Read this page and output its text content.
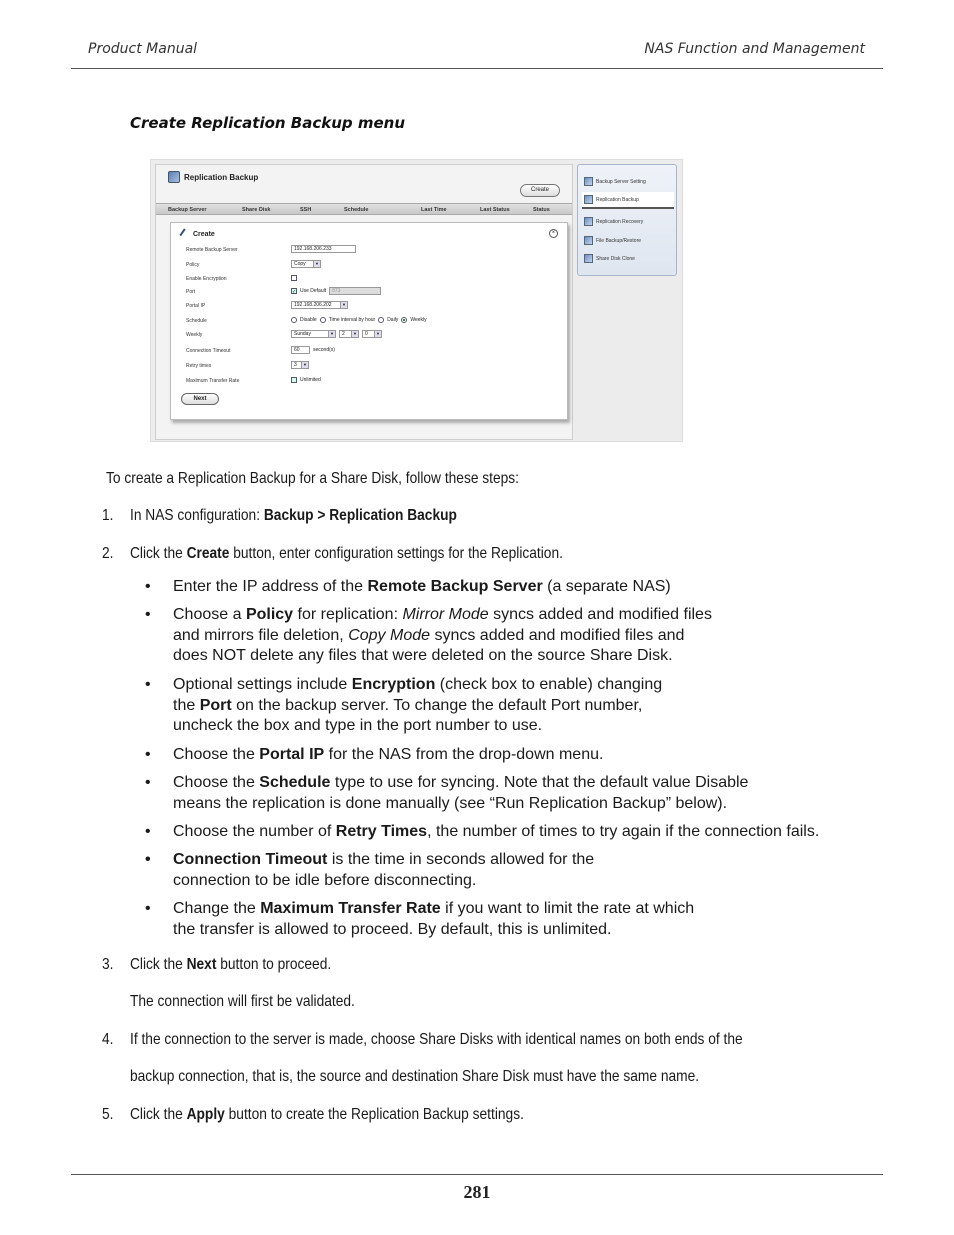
Product Manual	NAS Function and Management
Create Replication Backup menu
Replication Backup
Create
Backup Server	Share Disk	SSH	Schedule	Last Time	Last Status	Status
Create	×
Remote Backup Server	192.168.206.233
Policy	Copy	▼
Enable Encryption
Port	✓ Use Default	873
Portal IP	192.168.206.202	▼
Schedule	Disable Time interval by hour Daily Weekly
Weekly	Sunday	▼ 2	▼ 0	▼
Connection Timeout	60	second(s)
Retry times	3	▼
Maximum Transfer Rate	Unlimited
Next
Backup Server Setting
Replication Backup
Replication Recovery
File Backup/Restore
Share Disk Clone
To create a Replication Backup for a Share Disk, follow these steps:
1. In NAS configuration: Backup > Replication Backup
2. Click the Create button, enter configuration settings for the Replication.
• Enter the IP address of the Remote Backup Server (a separate NAS)
• Choose a Policy for replication: Mirror Mode syncs added and modified files
and mirrors file deletion, Copy Mode syncs added and modified files and
does NOT delete any files that were deleted on the source Share Disk.
• Optional settings include Encryption (check box to enable) changing
the Port on the backup server. To change the default Port number,
uncheck the box and type in the port number to use.
• Choose the Portal IP for the NAS from the drop-down menu.
• Choose the Schedule type to use for syncing. Note that the default value Disable
means the replication is done manually (see “Run Replication Backup” below).
• Choose the number of Retry Times, the number of times to try again if the connection fails.
• Connection Timeout is the time in seconds allowed for the
connection to be idle before disconnecting.
• Change the Maximum Transfer Rate if you want to limit the rate at which
the transfer is allowed to proceed. By default, this is unlimited.
3. Click the Next button to proceed.
The connection will first be validated.
4. If the connection to the server is made, choose Share Disks with identical names on both ends of the
backup connection, that is, the source and destination Share Disk must have the same name.
5. Click the Apply button to create the Replication Backup settings.
281
